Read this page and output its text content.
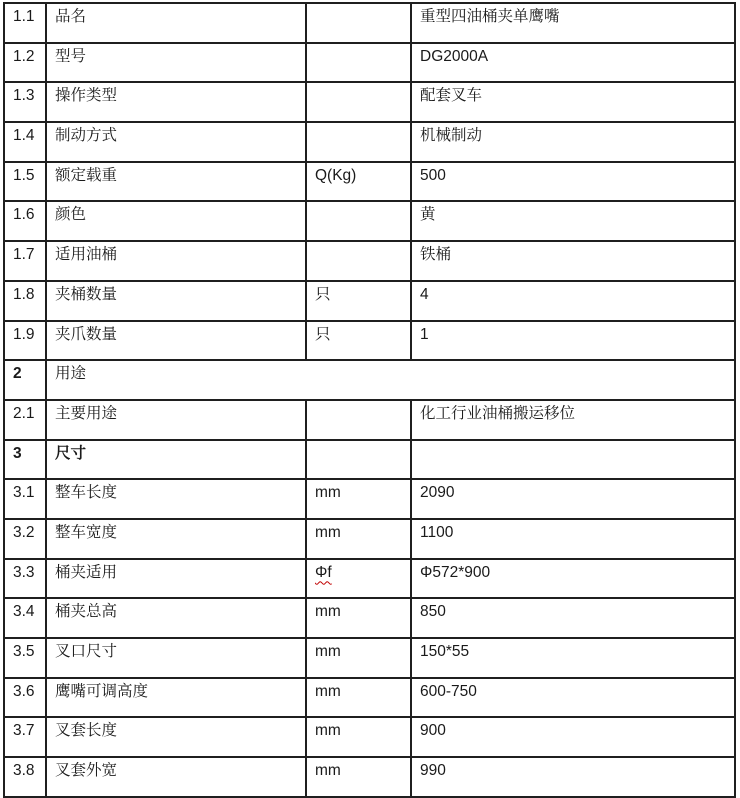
1.1	品名		重型四油桶夹单鹰嘴
1.2	型号		DG2000A
1.3	操作类型		配套叉车
1.4	制动方式		机械制动
1.5	额定载重	Q(Kg)	500
1.6	颜色		黄
1.7	适用油桶		铁桶
1.8	夹桶数量	只	4
1.9	夹爪数量	只	1
2	用途		
2.1	主要用途		化工行业油桶搬运移位
3	尺寸		
3.1	整车长度	mm	2090
3.2	整车宽度	mm	1100
3.3	桶夹适用	Φf	Φ572*900
3.4	桶夹总高	mm	850
3.5	叉口尺寸	mm	150*55
3.6	鹰嘴可调高度	mm	600-750
3.7	叉套长度	mm	900
3.8	叉套外宽	mm	990
